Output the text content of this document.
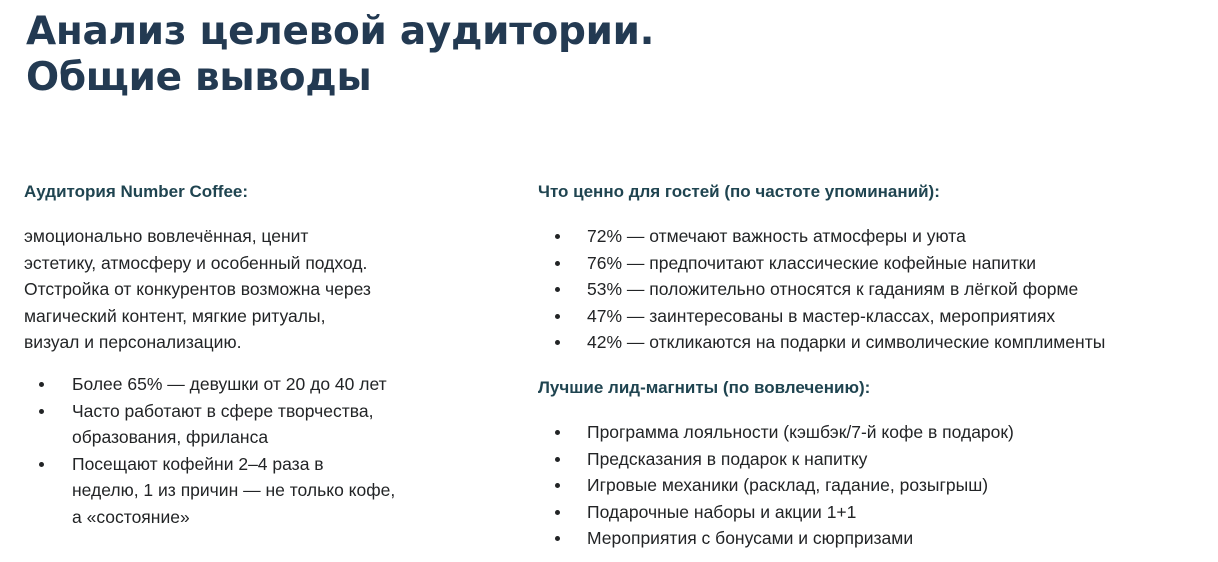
Анализ целевой аудитории.
Общие выводы
Аудитория Number Coffee:

эмоционально вовлечённая, ценит
эстетику, атмосферу и особенный подход.
Отстройка от конкурентов возможна через
магический контент, мягкие ритуалы,
визуал и персонализацию.

Более 65% — девушки от 20 до 40 лет
Часто работают в сфере творчества,
образования, фриланса
Посещают кофейни 2–4 раза в
неделю, 1 из причин — не только кофе,
а «состояние»
Что ценно для гостей (по частоте упоминаний):
72% — отмечают важность атмосферы и уюта
76% — предпочитают классические кофейные напитки
53% — положительно относятся к гаданиям в лёгкой форме
47% — заинтересованы в мастер-классах, мероприятиях
42% — откликаются на подарки и символические комплименты
Лучшие лид-магниты (по вовлечению):
Программа лояльности (кэшбэк/7-й кофе в подарок)
Предсказания в подарок к напитку
Игровые механики (расклад, гадание, розыгрыш)
Подарочные наборы и акции 1+1
Мероприятия с бонусами и сюрпризами
